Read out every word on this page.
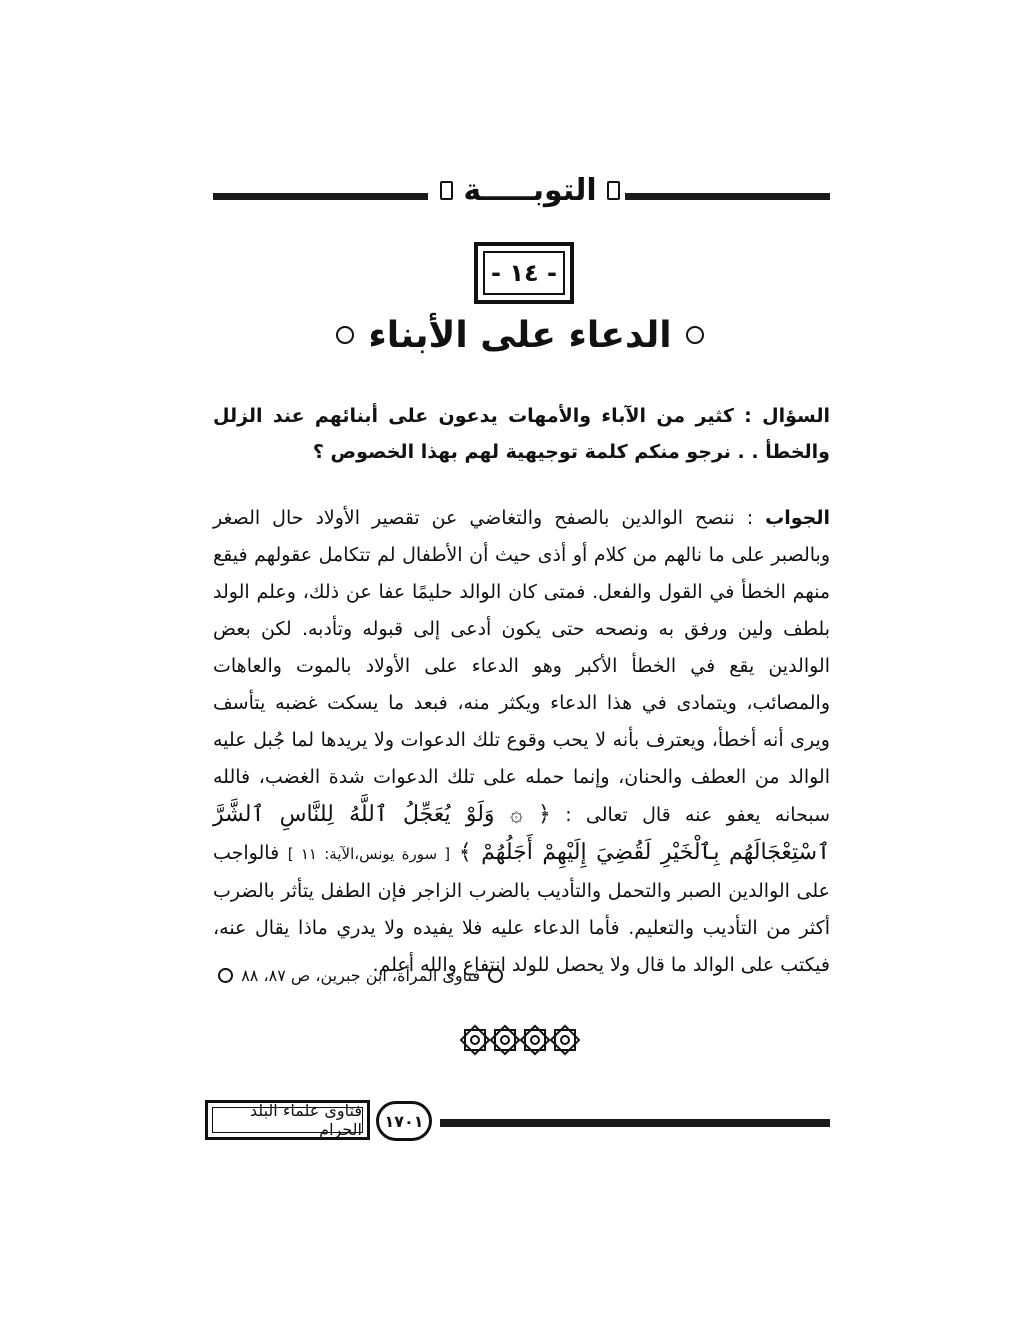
التوبـــــة
- ١٤ -
الدعاء على الأبناء
السؤال : كثير من الآباء والأمهات يدعون على أبنائهم عند الزلل والخطأ . . نرجو منكم كلمة توجيهية لهم بهذا الخصوص ؟
الجواب : ننصح الوالدين بالصفح والتغاضي عن تقصير الأولاد حال الصغر وبالصبر على ما نالهم من كلام أو أذى حيث أن الأطفال لم تتكامل عقولهم فيقع منهم الخطأ في القول والفعل. فمتى كان الوالد حليمًا عفا عن ذلك، وعلم الولد بلطف ولين ورفق به ونصحه حتى يكون أدعى إلى قبوله وتأدبه. لكن بعض الوالدين يقع في الخطأ الأكبر وهو الدعاء على الأولاد بالموت والعاهات والمصائب، ويتمادى في هذا الدعاء ويكثر منه، فبعد ما يسكت غضبه يتأسف ويرى أنه أخطأ، ويعترف بأنه لا يحب وقوع تلك الدعوات ولا يريدها لما جُبل عليه الوالد من العطف والحنان، وإنما حمله على تلك الدعوات شدة الغضب، فالله سبحانه يعفو عنه قال تعالى : ﴿ ۞ وَلَوْ يُعَجِّلُ ٱللَّهُ لِلنَّاسِ ٱلشَّرَّ ٱسْتِعْجَالَهُم بِٱلْخَيْرِ لَقُضِيَ إِلَيْهِمْ أَجَلُهُمْ ﴾ [ سورة يونس،الآية: ١١ ] فالواجب على الوالدين الصبر والتحمل والتأديب بالضرب الزاجر فإن الطفل يتأثر بالضرب أكثر من التأديب والتعليم. فأما الدعاء عليه فلا يفيده ولا يدري ماذا يقال عنه، فيكتب على الوالد ما قال ولا يحصل للولد انتفاع والله أعلم.
فتاوى المرأة، ابن جبرين، ص ٨٧، ٨٨
فتاوى علماء البلد الحرام	١٧٠١
